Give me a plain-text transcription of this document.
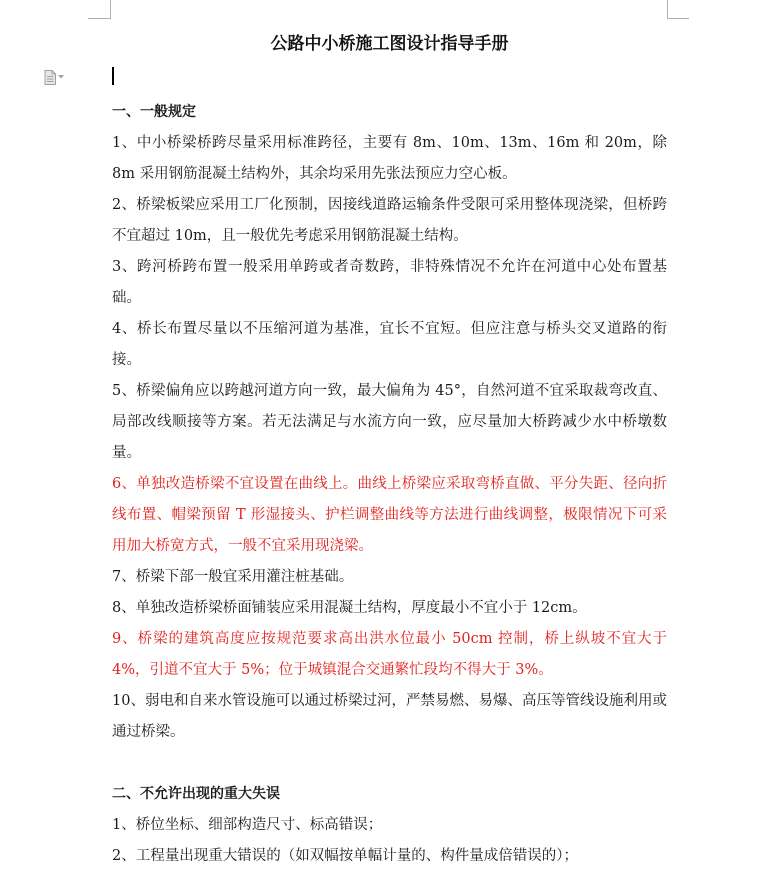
公路中小桥施工图设计指导手册

一、一般规定

1、中小桥梁桥跨尽量采用标准跨径，主要有 8m、10m、13m、16m 和 20m，除 8m 采用钢筋混凝土结构外，其余均采用先张法预应力空心板。

2、桥梁板梁应采用工厂化预制，因接线道路运输条件受限可采用整体现浇梁，但桥跨不宜超过 10m，且一般优先考虑采用钢筋混凝土结构。

3、跨河桥跨布置一般采用单跨或者奇数跨，非特殊情况不允许在河道中心处布置基础。

4、桥长布置尽量以不压缩河道为基准，宜长不宜短。但应注意与桥头交叉道路的衔接。

5、桥梁偏角应以跨越河道方向一致，最大偏角为 45°，自然河道不宜采取裁弯改直、局部改线顺接等方案。若无法满足与水流方向一致，应尽量加大桥跨减少水中桥墩数量。

6、单独改造桥梁不宜设置在曲线上。曲线上桥梁应采取弯桥直做、平分失距、径向折线布置、帽梁预留 T 形湿接头、护栏调整曲线等方法进行曲线调整，极限情况下可采用加大桥宽方式，一般不宜采用现浇梁。

7、桥梁下部一般宜采用灌注桩基础。

8、单独改造桥梁桥面铺装应采用混凝土结构，厚度最小不宜小于 12cm。

9、桥梁的建筑高度应按规范要求高出洪水位最小 50cm 控制，桥上纵坡不宜大于 4%，引道不宜大于 5%；位于城镇混合交通繁忙段均不得大于 3%。

10、弱电和自来水管设施可以通过桥梁过河，严禁易燃、易爆、高压等管线设施利用或通过桥梁。

二、不允许出现的重大失误

1、桥位坐标、细部构造尺寸、标高错误；

2、工程量出现重大错误的（如双幅按单幅计量的、构件量成倍错误的）；
